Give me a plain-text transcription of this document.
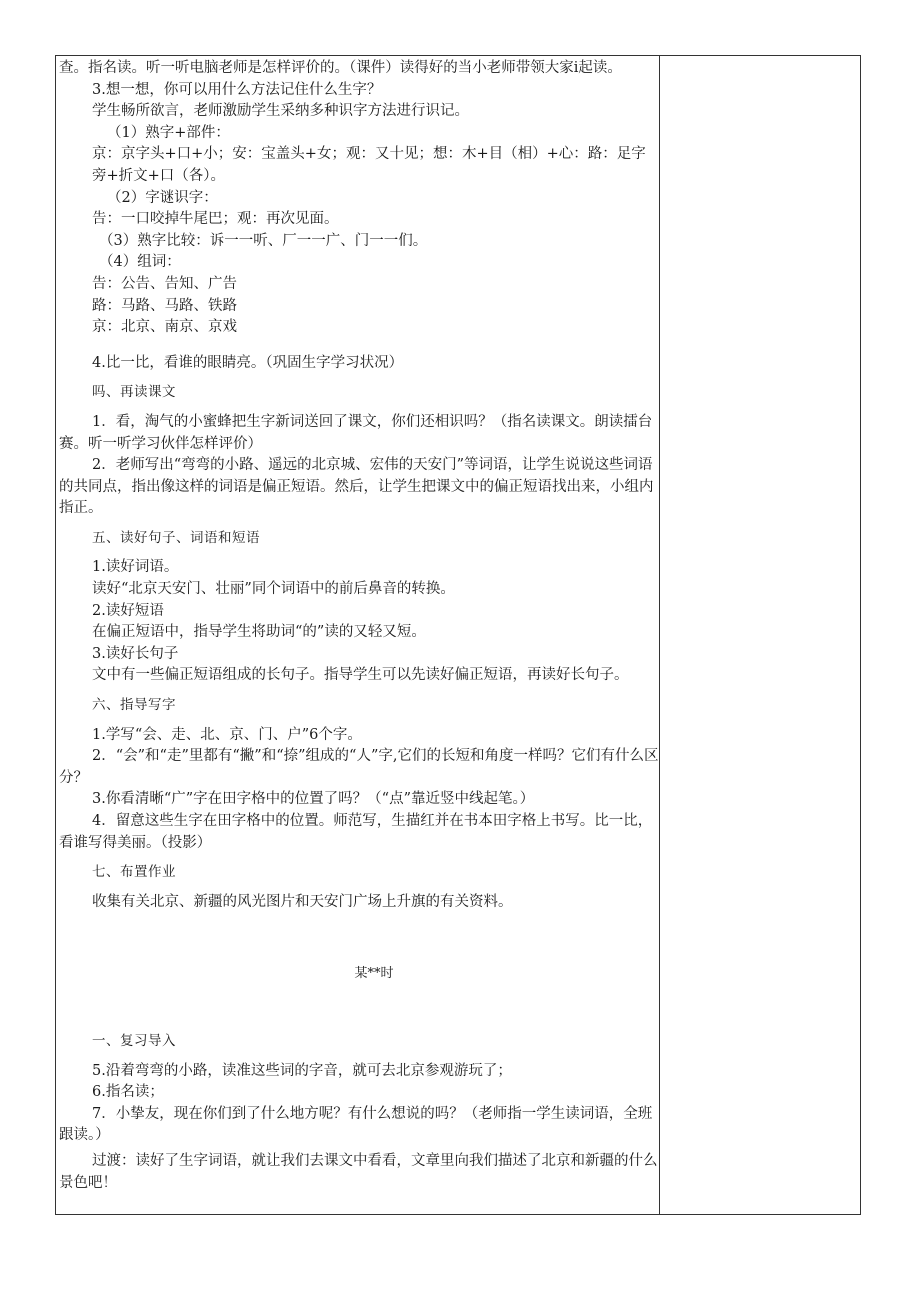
查。指名读。听一听电脑老师是怎样评价的。（课件）读得好的当小老师带领大家i起读。

3.想一想，你可以用什么方法记住什么生字？

学生畅所欲言，老师激励学生采纳多种识字方法进行识记。

（1）熟字+部件：

京：京字头+口+小；安：宝盖头+女；观：又十见；想：木+目（相）+心：路：足字旁+折文+口（各）。

（2）字谜识字：

告：一口咬掉牛尾巴；观：再次见面。

（3）熟字比较：诉一一听、厂一一广、门一一们。

（4）组词：

告：公告、告知、广告

路：马路、马路、铁路

京：北京、南京、京戏

4.比一比，看谁的眼睛亮。（巩固生字学习状况）

吗、再读课文

1．看，淘气的小蜜蜂把生字新词送回了课文，你们还相识吗？（指名读课文。朗读擂台赛。听一听学习伙伴怎样评价）

2．老师写出“弯弯的小路、遥远的北京城、宏伟的天安门”等词语，让学生说说这些词语的共同点，指出像这样的词语是偏正短语。然后，让学生把课文中的偏正短语找出来，小组内指正。

五、读好句子、词语和短语

1.读好词语。

读好“北京天安门、壮丽”同个词语中的前后鼻音的转换。

2.读好短语

在偏正短语中，指导学生将助词“的”读的又轻又短。

3.读好长句子

文中有一些偏正短语组成的长句子。指导学生可以先读好偏正短语，再读好长句子。

六、指导写字

1.学写“会、走、北、京、门、户”6个字。

2．“会”和“走”里都有“撇”和“捺”组成的“人”字,它们的长短和角度一样吗？它们有什么区分？

3.你看清晰“广”字在田字格中的位置了吗？（“点”靠近竖中线起笔。）

4．留意这些生字在田字格中的位置。师范写，生描红并在书本田字格上书写。比一比，看谁写得美丽。（投影）

七、布置作业

收集有关北京、新疆的风光图片和天安门广场上升旗的有关资料。

某**时

一、复习导入

5.沿着弯弯的小路，读准这些词的字音，就可去北京参观游玩了；

6.指名读；

7．小挚友，现在你们到了什么地方呢？有什么想说的吗？（老师指一学生读词语，全班跟读。）

过渡：读好了生字词语，就让我们去课文中看看，文章里向我们描述了北京和新疆的什么景色吧！
